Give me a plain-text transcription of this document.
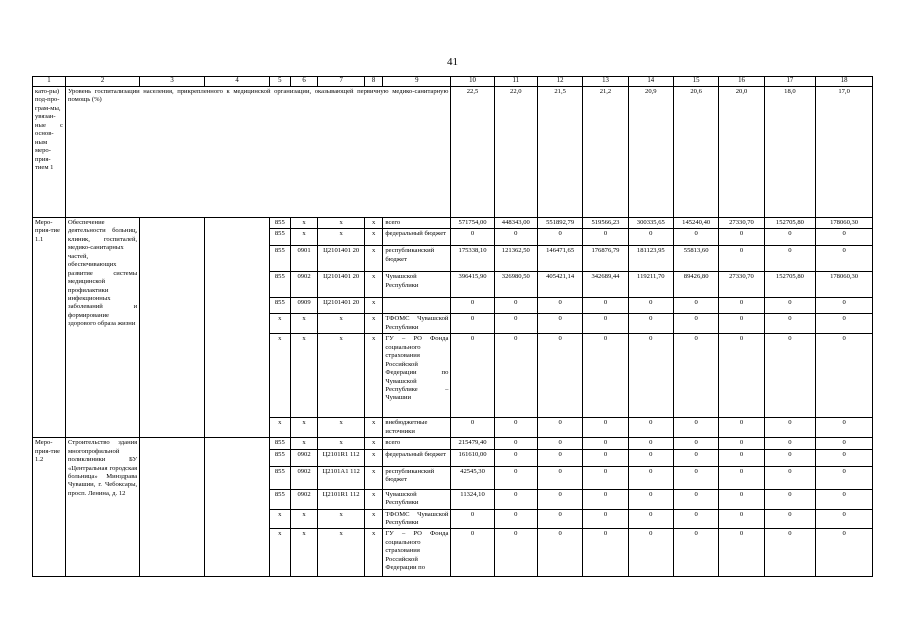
41
1	2	3	4	5	6	7	8	9	10	11	12	13	14	15	16	17	18
като-ры) под-про-грам-мы, увязан-ные с основ-ным меро-прия-тием 1	Уровень госпитализации населения, прикрепленного к медицинской организации, оказывающей первичную медико-санитарную помощь (%)								22,5	22,0	21,5	21,2	20,9	20,6	20,0	18,0	17,0
Меро-прия-тие 1.1	Обеспечение деятельности больниц, клиник, госпиталей, медико-санитарных частей, обеспечивающих развитие системы медицинской профилактики инфекционных заболеваний и формирование здорового образа жизни			855	x	x	x	всего	571754,00	448343,00	551892,79	519566,23	300335,65	145240,40	27330,70	152705,80	178060,30
				855	x	x	x	федеральный бюджет	0	0	0	0	0	0	0	0	0
				855	0901	Ц2101401 20	x	республиканский бюджет	175338,10	121362,50	146471,65	176876,79	181123,95	55813,60	0	0	0
				855	0902	Ц2101401 20	x	Чувашской Республики	396415,90	326980,50	405421,14	342689,44	119211,70	89426,80	27330,70	152705,80	178060,30
				855	0909	Ц2101401 20	x		0	0	0	0	0	0	0	0	0
				x	x	x	x	ТФОМС Чувашской Республики	0	0	0	0	0	0	0	0	0
				x	x	x	x	ГУ – РО Фонда социального страхования Российской Федерации по Чувашской Республике – Чувашии	0	0	0	0	0	0	0	0	0
				x	x	x	x	внебюджетные источники	0	0	0	0	0	0	0	0	0
Меро-прия-тие 1.2	Строительство здания многопрофильной поликлиники БУ «Центральная городская больница» Минздрава Чувашии, г. Чебоксары, просп. Ленина, д. 12			855	x	x	x	всего	215479,40	0	0	0	0	0	0	0	0
				855	0902	Ц2101R1 112	x	федеральный бюджет	161610,00	0	0	0	0	0	0	0	0
				855	0902	Ц2101А1 112	x	республиканский бюджет	42545,30	0	0	0	0	0	0	0	0
				855	0902	Ц2101R1 112	x	Чувашской Республики	11324,10	0	0	0	0	0	0	0	0
				x	x	x	x	ТФОМС Чувашской Республики	0	0	0	0	0	0	0	0	0
				x	x	x	x	ГУ – РО Фонда социального страхования Российской Федерации по	0	0	0	0	0	0	0	0	0
